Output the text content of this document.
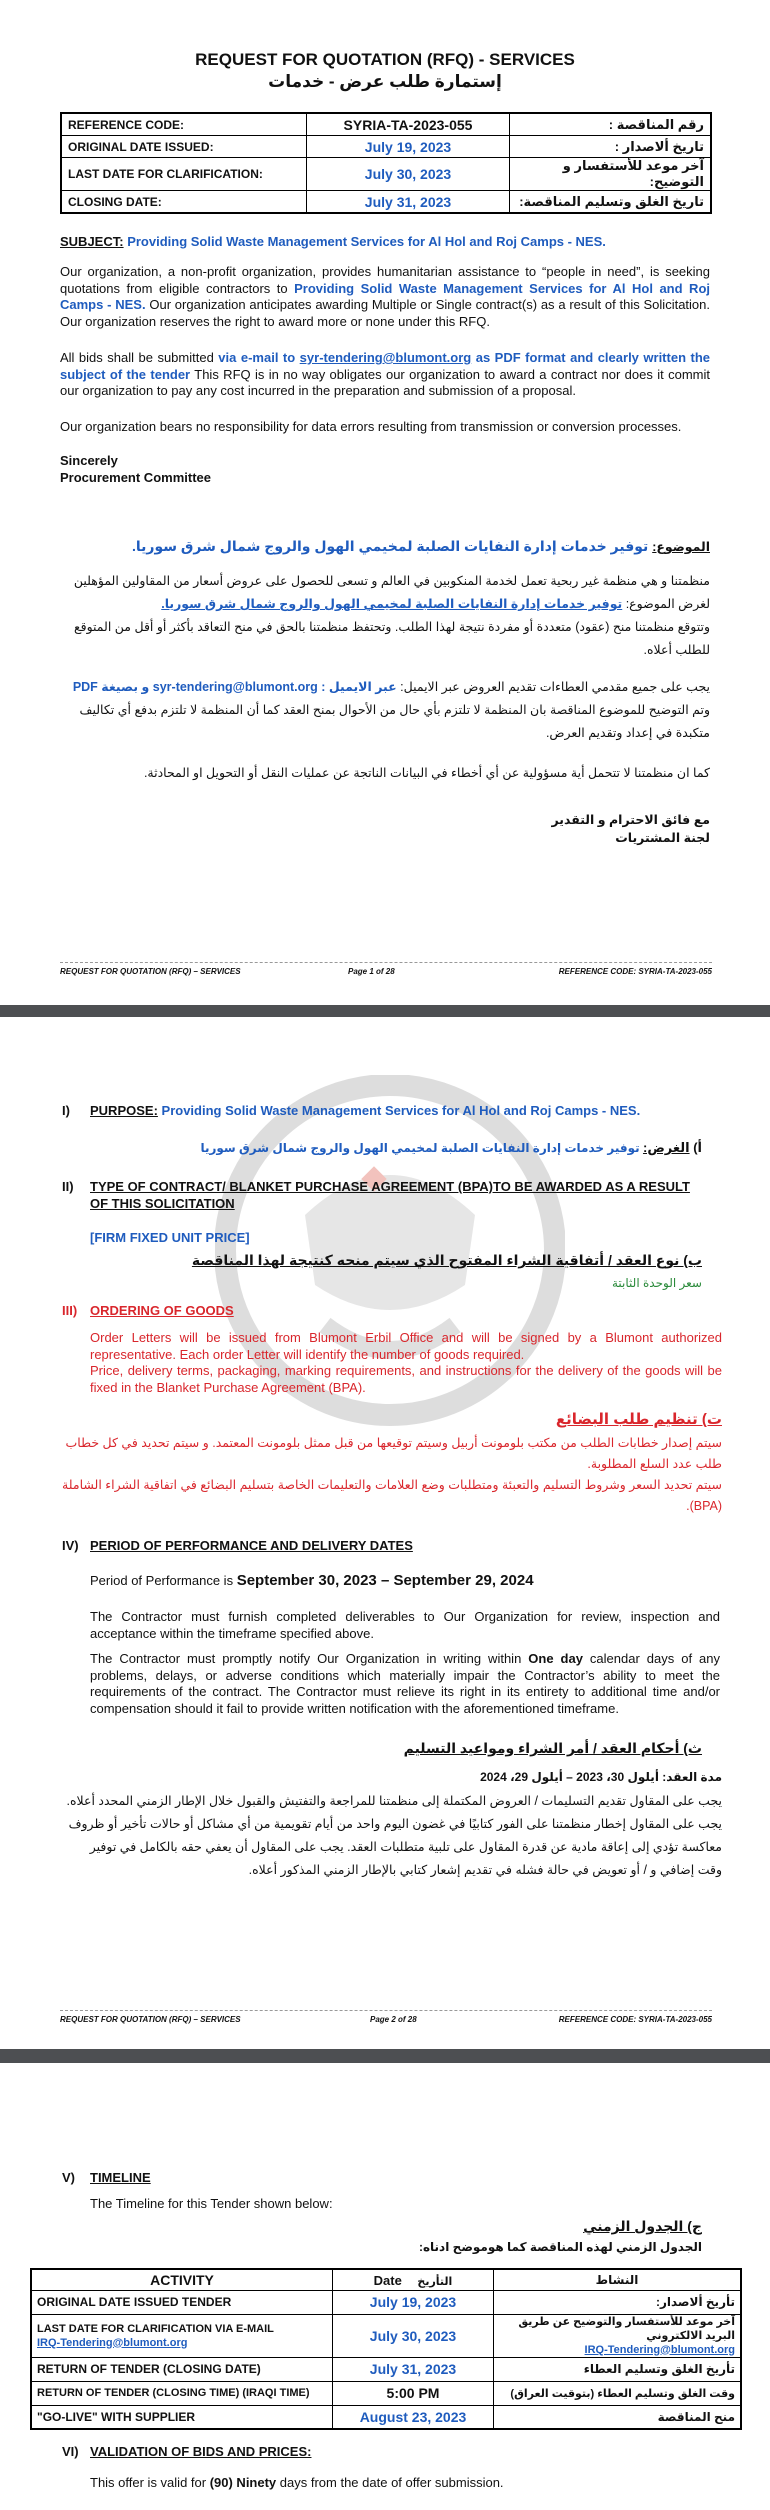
REQUEST FOR QUOTATION (RFQ) - SERVICES
إستمارة طلب عرض - خدمات
REFERENCE CODE:	SYRIA-TA-2023-055	رقم المناقصة :
ORIGINAL DATE ISSUED:	July 19, 2023	تاريخ ألاصدار :
LAST DATE FOR CLARIFICATION:	July 30, 2023	آخر موعد للأستفسار و التوضيح:
CLOSING DATE:	July 31, 2023	تاريخ الغلق وتسليم المناقصة:
SUBJECT: Providing Solid Waste Management Services for Al Hol and Roj Camps - NES.
Our organization, a non-profit organization, provides humanitarian assistance to “people in need”, is seeking quotations from eligible contractors to Providing Solid Waste Management Services for Al Hol and Roj Camps - NES. Our organization anticipates awarding Multiple or Single contract(s) as a result of this Solicitation. Our organization reserves the right to award more or none under this RFQ.
All bids shall be submitted via e-mail to syr-tendering@blumont.org as PDF format and clearly written the subject of the tender This RFQ is in no way obligates our organization to award a contract nor does it commit our organization to pay any cost incurred in the preparation and submission of a proposal.
Our organization bears no responsibility for data errors resulting from transmission or conversion processes.
Sincerely
Procurement Committee
الموضوع: توفير خدمات إدارة النفايات الصلبة لمخيمي الهول والروج شمال شرق سوريا.
منظمتنا و هي منظمة غير ربحية تعمل لخدمة المنكوبين في العالم و تسعى للحصول على عروض أسعار من المقاولين المؤهلين لغرض الموضوع: توفير خدمات إدارة النفايات الصلبة لمخيمي الهول والروج شمال شرق سوريا.
وتتوقع منظمتنا منح (عقود) متعددة أو مفردة نتيجة لهذا الطلب. وتحتفظ منظمتنا بالحق في منح التعاقد بأكثر أو أقل من المتوقع للطلب أعلاه.
يجب على جميع مقدمي العطاءات تقديم العروض عبر الايميل: عبر الايميل : syr-tendering@blumont.org و بصيغة PDF وتم التوضيح للموضوع المناقصة بان المنظمة لا تلتزم بأي حال من الأحوال بمنح العقد كما أن المنظمة لا تلتزم بدفع أي تكاليف متكبدة في إعداد وتقديم العرض.
كما ان منظمتنا لا تتحمل أية مسؤولية عن أي أخطاء في البيانات الناتجة عن عمليات النقل أو التحويل او المحادثة.
مع فائق الاحترام و التقدير
لجنة المشتريات
REQUEST FOR QUOTATION (RFQ) – SERVICES	Page 1 of 28	REFERENCE CODE: SYRIA-TA-2023-055
I) PURPOSE: Providing Solid Waste Management Services for Al Hol and Roj Camps - NES.
أ) الغرض: توفير خدمات إدارة النفايات الصلبة لمخيمي الهول والروج شمال شرق سوريا
II) TYPE OF CONTRACT/ BLANKET PURCHASE AGREEMENT (BPA)TO BE AWARDED AS A RESULT OF THIS SOLICITATION
[FIRM FIXED UNIT PRICE]
ب) نوع العقد / أتفاقية الشراء المفتوح الذي سيتم منحه كنتيجة لهذا المناقصة
سعر الوحدة الثابتة
III) ORDERING OF GOODS
Order Letters will be issued from Blumont Erbil Office and will be signed by a Blumont authorized representative. Each order Letter will identify the number of goods required.
Price, delivery terms, packaging, marking requirements, and instructions for the delivery of the goods will be fixed in the Blanket Purchase Agreement (BPA).
ت) تنظيم طلب البضائع
سيتم إصدار خطابات الطلب من مكتب بلومونت أربيل وسيتم توقيعها من قبل ممثل بلومونت المعتمد. و سيتم تحديد في كل خطاب طلب عدد السلع المطلوبة.
سيتم تحديد السعر وشروط التسليم والتعبئة ومتطلبات وضع العلامات والتعليمات الخاصة بتسليم البضائع في اتفاقية الشراء الشاملة (BPA).
IV) PERIOD OF PERFORMANCE AND DELIVERY DATES
Period of Performance is September 30, 2023 – September 29, 2024
The Contractor must furnish completed deliverables to Our Organization for review, inspection and acceptance within the timeframe specified above.
The Contractor must promptly notify Our Organization in writing within One day calendar days of any problems, delays, or adverse conditions which materially impair the Contractor’s ability to meet the requirements of the contract. The Contractor must relieve its right in its entirety to additional time and/or compensation should it fail to provide written notification with the aforementioned timeframe.
ث) أحكام العقد / أمر الشراء ومواعيد التسليم
مدة العقد: أيلول 30، 2023 – أيلول 29، 2024
يجب على المقاول تقديم التسليمات / العروض المكتملة إلى منظمتنا للمراجعة والتفتيش والقبول خلال الإطار الزمني المحدد أعلاه.
يجب على المقاول إخطار منظمتنا على الفور كتابيًا في غضون اليوم واحد من أيام تقويمية من أي مشاكل أو حالات تأخير أو ظروف معاكسة تؤدي إلى إعاقة مادية عن قدرة المقاول على تلبية متطلبات العقد. يجب على المقاول أن يعفي حقه بالكامل في توفير وقت إضافي و / أو تعويض في حالة فشله في تقديم إشعار كتابي بالإطار الزمني المذكور أعلاه.
REQUEST FOR QUOTATION (RFQ) – SERVICES	Page 2 of 28	REFERENCE CODE: SYRIA-TA-2023-055
V) TIMELINE
The Timeline for this Tender shown below:
ج) الجدول الزمني
الجدول الزمني لهذه المناقصة كما هوموضح ادناه:
ACTIVITY	Date التأريخ	النشاط
ORIGINAL DATE ISSUED TENDER	July 19, 2023	تأريخ ألاصدار:
LAST DATE FOR CLARIFICATION VIA E-MAIL
IRQ-Tendering@blumont.org	July 30, 2023	آخر موعد للأستفسار والتوضيح عن طريق البريد الالكتروني
IRQ-Tendering@blumont.org
RETURN OF TENDER (CLOSING DATE)	July 31, 2023	تأريخ الغلق وتسليم العطاء
RETURN OF TENDER (CLOSING TIME) (IRAQI TIME)	5:00 PM	وقت الغلق وتسليم العطاء (بتوقيت العراق)
"GO-LIVE" WITH SUPPLIER	August 23, 2023	منح المناقصة
VI) VALIDATION OF BIDS AND PRICES:
This offer is valid for (90) Ninety days from the date of offer submission.
